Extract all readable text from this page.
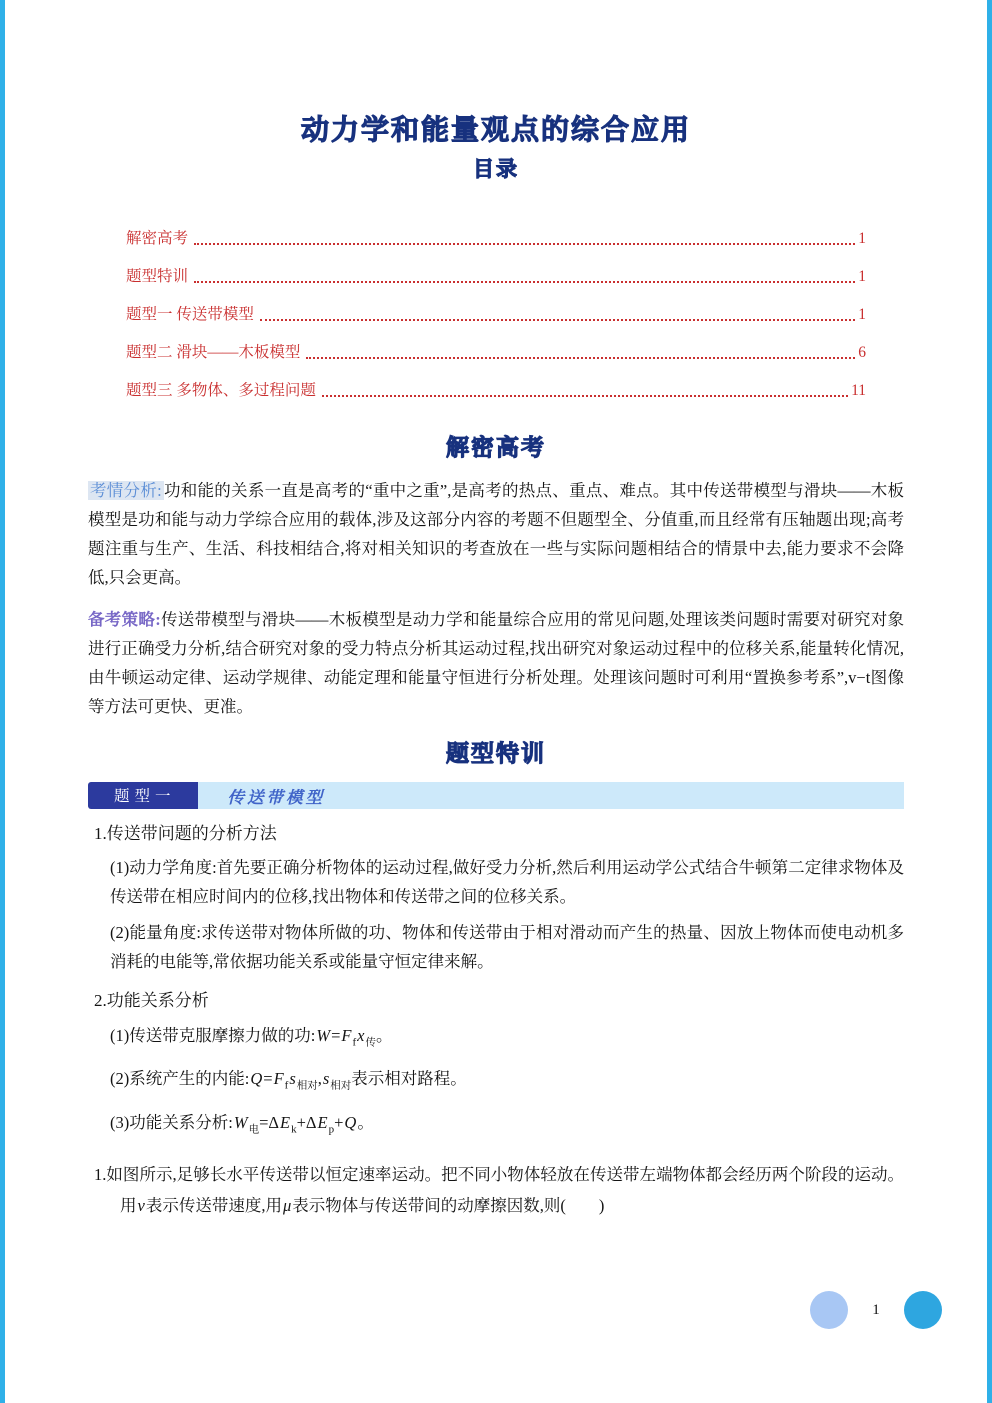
动力学和能量观点的综合应用
目录
解密高考	1
题型特训	1
题型一 传送带模型	1
题型二 滑块——木板模型	6
题型三 多物体、多过程问题	11
解密高考

考情分析: 功和能的关系一直是高考的“重中之重”,是高考的热点、重点、难点。其中传送带模型与滑块——木板模型是功和能与动力学综合应用的载体,涉及这部分内容的考题不但题型全、分值重,而且经常有压轴题出现;高考题注重与生产、生活、科技相结合,将对相关知识的考查放在一些与实际问题相结合的情景中去,能力要求不会降低,只会更高。

备考策略:传送带模型与滑块——木板模型是动力学和能量综合应用的常见问题,处理该类问题时需要对研究对象进行正确受力分析,结合研究对象的受力特点分析其运动过程,找出研究对象运动过程中的位移关系,能量转化情况,由牛顿运动定律、运动学规律、动能定理和能量守恒进行分析处理。处理该问题时可利用“置换参考系”,v−t图像等方法可更快、更准。

题型特训
题型一	传送带模型

1.传送带问题的分析方法

(1)动力学角度:首先要正确分析物体的运动过程,做好受力分析,然后利用运动学公式结合牛顿第二定律求物体及传送带在相应时间内的位移,找出物体和传送带之间的位移关系。

(2)能量角度:求传送带对物体所做的功、物体和传送带由于相对滑动而产生的热量、因放上物体而使电动机多消耗的电能等,常依据功能关系或能量守恒定律来解。

2.功能关系分析

(1)传送带克服摩擦力做的功$:W=F_fx_传$。

(2)系统产生的内能$:Q=F_fs_{相对},s_{相对}$表示相对路程。

(3)功能关系分析$:W_电=\Delta E_k+\Delta E_p+Q$。

1.如图所示,足够长水平传送带以恒定速率运动。把不同小物体轻放在传送带左端物体都会经历两个阶段的运动。用v表示传送带速度,用μ表示物体与传送带间的动摩擦因数,则(　　)

1
